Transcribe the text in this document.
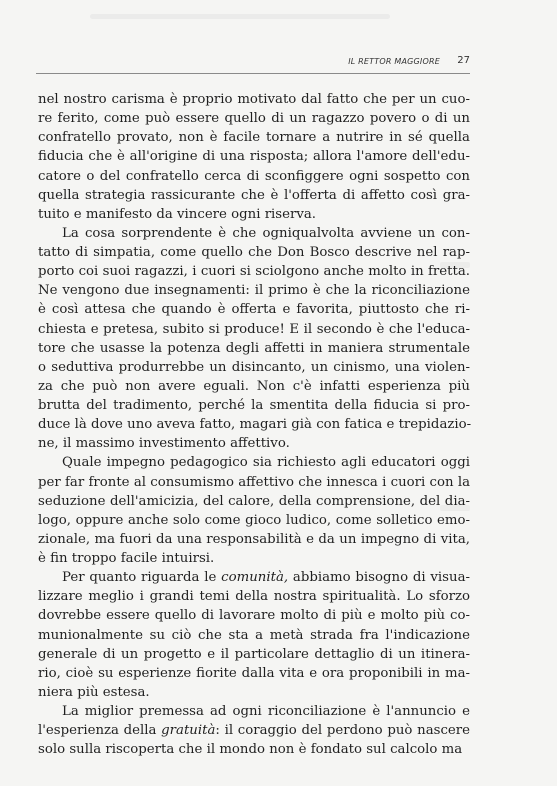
IL RETTOR MAGGIORE 27

nel nostro carisma è proprio motivato dal fatto che per un cuo-
re ferito, come può essere quello di un ragazzo povero o di un
confratello provato, non è facile tornare a nutrire in sé quella
fiducia che è all'origine di una risposta; allora l'amore dell'edu-
catore o del confratello cerca di sconfiggere ogni sospetto con
quella strategia rassicurante che è l'offerta di affetto così gra-
tuito e manifesto da vincere ogni riserva.

La cosa sorprendente è che ogniqualvolta avviene un con-
tatto di simpatia, come quello che Don Bosco descrive nel rap-
porto coi suoi ragazzi, i cuori si sciolgono anche molto in fretta.
Ne vengono due insegnamenti: il primo è che la riconciliazione
è così attesa che quando è offerta e favorita, piuttosto che ri-
chiesta e pretesa, subito si produce! E il secondo è che l'educa-
tore che usasse la potenza degli affetti in maniera strumentale
o seduttiva produrrebbe un disincanto, un cinismo, una violen-
za che può non avere eguali. Non c'è infatti esperienza più
brutta del tradimento, perché la smentita della fiducia si pro-
duce là dove uno aveva fatto, magari già con fatica e trepidazio-
ne, il massimo investimento affettivo.

Quale impegno pedagogico sia richiesto agli educatori oggi
per far fronte al consumismo affettivo che innesca i cuori con la
seduzione dell'amicizia, del calore, della comprensione, del dia-
logo, oppure anche solo come gioco ludico, come solletico emo-
zionale, ma fuori da una responsabilità e da un impegno di vita,
è fin troppo facile intuirsi.

Per quanto riguarda le comunità, abbiamo bisogno di visua-
lizzare meglio i grandi temi della nostra spiritualità. Lo sforzo
dovrebbe essere quello di lavorare molto di più e molto più co-
munionalmente su ciò che sta a metà strada fra l'indicazione
generale di un progetto e il particolare dettaglio di un itinera-
rio, cioè su esperienze fiorite dalla vita e ora proponibili in ma-
niera più estesa.

La miglior premessa ad ogni riconciliazione è l'annuncio e
l'esperienza della gratuità: il coraggio del perdono può nascere
solo sulla riscoperta che il mondo non è fondato sul calcolo ma
